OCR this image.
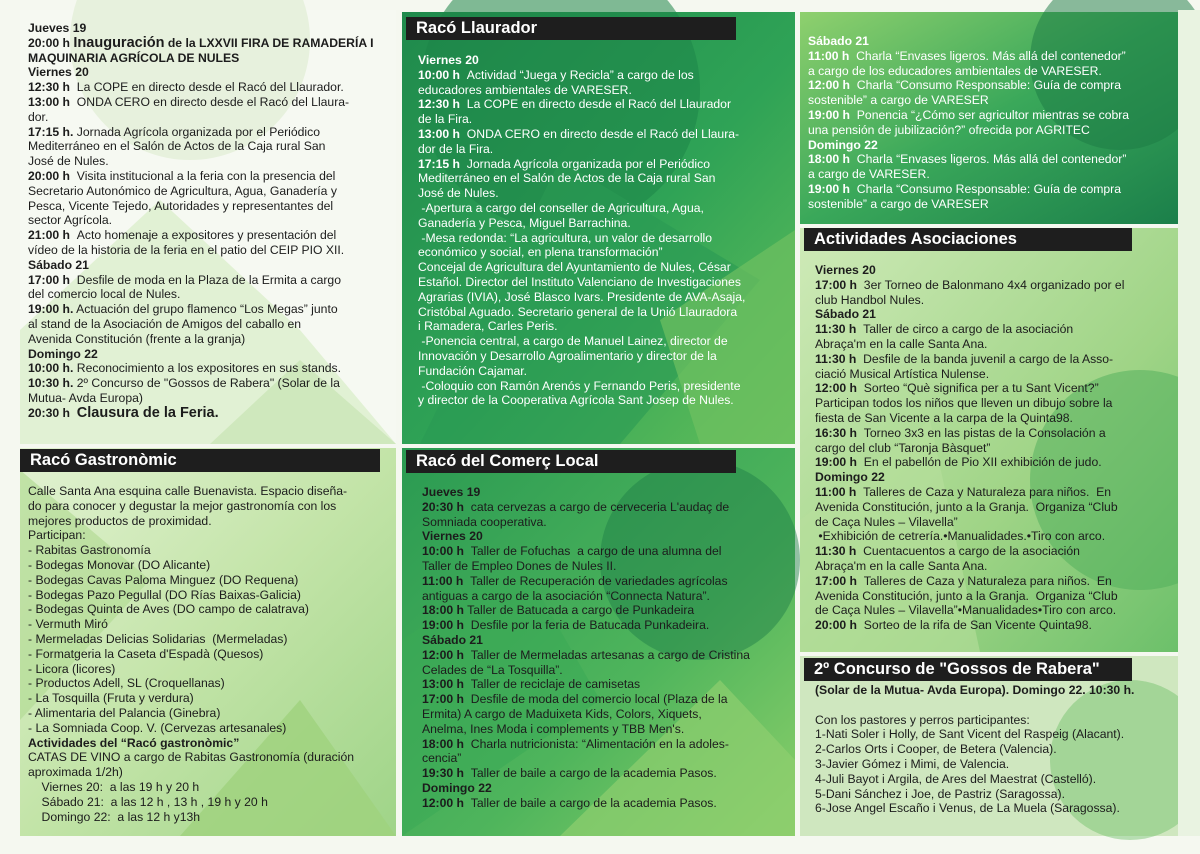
Jueves 19
20:00 h Inauguración de la LXXVII FIRA DE RAMADERÍA I
MAQUINARIA AGRÍCOLA DE NULES
Viernes 20
12:30 h  La COPE en directo desde el Racó del Llaurador.
13:00 h  ONDA CERO en directo desde el Racó del Llaura-
dor.
17:15 h. Jornada Agrícola organizada por el Periódico
Mediterráneo en el Salón de Actos de la Caja rural San
José de Nules.
20:00 h  Visita institucional a la feria con la presencia del
Secretario Autonómico de Agricultura, Agua, Ganadería y
Pesca, Vicente Tejedo, Autoridades y representantes del
sector Agrícola.
21:00 h  Acto homenaje a expositores y presentación del
vídeo de la historia de la feria en el patio del CEIP PIO XII.
Sábado 21
17:00 h  Desfile de moda en la Plaza de la Ermita a cargo
del comercio local de Nules.
19:00 h. Actuación del grupo flamenco “Los Megas” junto
al stand de la Asociación de Amigos del caballo en
Avenida Constitución (frente a la granja)
Domingo 22
10:00 h. Reconocimiento a los expositores en sus stands.
10:30 h. 2º Concurso de "Gossos de Rabera" (Solar de la
Mutua- Avda Europa)
20:30 h Clausura de la Feria.
Racó Gastronòmic
Calle Santa Ana esquina calle Buenavista. Espacio diseña-
do para conocer y degustar la mejor gastronomía con los
mejores productos de proximidad.
Participan:
- Rabitas Gastronomía
- Bodegas Monovar (DO Alicante)
- Bodegas Cavas Paloma Minguez (DO Requena)
- Bodegas Pazo Pegullal (DO Rías Baixas-Galicia)
- Bodegas Quinta de Aves (DO campo de calatrava)
- Vermuth Miró
- Mermeladas Delicias Solidarias  (Mermeladas)
- Formatgeria la Caseta d'Espadà (Quesos)
- Licora (licores)
- Productos Adell, SL (Croquellanas)
- La Tosquilla (Fruta y verdura)
- Alimentaria del Palancia (Ginebra)
- La Somniada Coop. V. (Cervezas artesanales)
Actividades del “Racó gastronòmic”
CATAS DE VINO a cargo de Rabitas Gastronomía (duración
aproximada 1/2h)
Viernes 20:  a las 19 h y 20 h
Sábado 21:  a las 12 h , 13 h , 19 h y 20 h
Domingo 22:  a las 12 h y13h
Racó Llaurador
Viernes 20
10:00 h  Actividad “Juega y Recicla” a cargo de los
educadores ambientales de VARESER.
12:30 h  La COPE en directo desde el Racó del Llaurador
de la Fira.
13:00 h  ONDA CERO en directo desde el Racó del Llaura-
dor de la Fira.
17:15 h  Jornada Agrícola organizada por el Periódico
Mediterráneo en el Salón de Actos de la Caja rural San
José de Nules.
-Apertura a cargo del conseller de Agricultura, Agua,
Ganadería y Pesca, Miguel Barrachina.
-Mesa redonda: “La agricultura, un valor de desarrollo
económico y social, en plena transformación”
Concejal de Agricultura del Ayuntamiento de Nules, César
Estañol. Director del Instituto Valenciano de Investigaciones
Agrarias (IVIA), José Blasco Ivars. Presidente de AVA-Asaja,
Cristóbal Aguado. Secretario general de la Unió Llauradora
i Ramadera, Carles Peris.
-Ponencia central, a cargo de Manuel Lainez, director de
Innovación y Desarrollo Agroalimentario y director de la
Fundación Cajamar.
-Coloquio con Ramón Arenós y Fernando Peris, presidente
y director de la Cooperativa Agrícola Sant Josep de Nules.
Racó del Comerç Local
Jueves 19
20:30 h  cata cervezas a cargo de cerveceria L'audaç de
Somniada cooperativa.
Viernes 20
10:00 h  Taller de Fofuchas  a cargo de una alumna del
Taller de Empleo Dones de Nules II.
11:00 h  Taller de Recuperación de variedades agrícolas
antiguas a cargo de la asociación “Connecta Natura”.
18:00 h Taller de Batucada a cargo de Punkadeira
19:00 h  Desfile por la feria de Batucada Punkadeira.
Sábado 21
12:00 h  Taller de Mermeladas artesanas a cargo de Cristina
Celades de “La Tosquilla”.
13:00 h  Taller de reciclaje de camisetas
17:00 h  Desfile de moda del comercio local (Plaza de la
Ermita) A cargo de Maduixeta Kids, Colors, Xiquets,
Anelma, Ines Moda i complements y TBB Men's.
18:00 h  Charla nutricionista: “Alimentación en la adoles-
cencia”
19:30 h  Taller de baile a cargo de la academia Pasos.
Domingo 22
12:00 h  Taller de baile a cargo de la academia Pasos.
Sábado 21
11:00 h  Charla “Envases ligeros. Más allá del contenedor”
a cargo de los educadores ambientales de VARESER.
12:00 h  Charla “Consumo Responsable: Guía de compra
sostenible” a cargo de VARESER
19:00 h  Ponencia “¿Cómo ser agricultor mientras se cobra
una pensión de jubilización?” ofrecida por AGRITEC
Domingo 22
18:00 h  Charla “Envases ligeros. Más allá del contenedor”
a cargo de VARESER.
19:00 h  Charla “Consumo Responsable: Guía de compra
sostenible” a cargo de VARESER
Actividades Asociaciones
Viernes 20
17:00 h  3er Torneo de Balonmano 4x4 organizado por el
club Handbol Nules.
Sábado 21
11:30 h  Taller de circo a cargo de la asociación
Abraça'm en la calle Santa Ana.
11:30 h  Desfile de la banda juvenil a cargo de la Asso-
ciació Musical Artística Nulense.
12:00 h  Sorteo “Què significa per a tu Sant Vicent?”
Participan todos los niños que lleven un dibujo sobre la
fiesta de San Vicente a la carpa de la Quinta98.
16:30 h  Torneo 3x3 en las pistas de la Consolación a
cargo del club “Taronja Bàsquet”
19:00 h  En el pabellón de Pio XII exhibición de judo.
Domingo 22
11:00 h  Talleres de Caza y Naturaleza para niños.  En
Avenida Constitución, junto a la Granja.  Organiza “Club
de Caça Nules – Vilavella”
•Exhibición de cetrería.•Manualidades.•Tiro con arco.
11:30 h  Cuentacuentos a cargo de la asociación
Abraça'm en la calle Santa Ana.
17:00 h  Talleres de Caza y Naturaleza para niños.  En
Avenida Constitución, junto a la Granja.  Organiza “Club
de Caça Nules – Vilavella”•Manualidades•Tiro con arco.
20:00 h  Sorteo de la rifa de San Vicente Quinta98.
2º Concurso de "Gossos de Rabera"
(Solar de la Mutua- Avda Europa). Domingo 22. 10:30 h.

Con los pastores y perros participantes:
1-Nati Soler i Holly, de Sant Vicent del Raspeig (Alacant).
2-Carlos Orts i Cooper, de Betera (Valencia).
3-Javier Gómez i Mimi, de Valencia.
4-Juli Bayot i Argila, de Ares del Maestrat (Castelló).
5-Dani Sánchez i Joe, de Pastriz (Saragossa).
6-Jose Angel Escaño i Venus, de La Muela (Saragossa).
